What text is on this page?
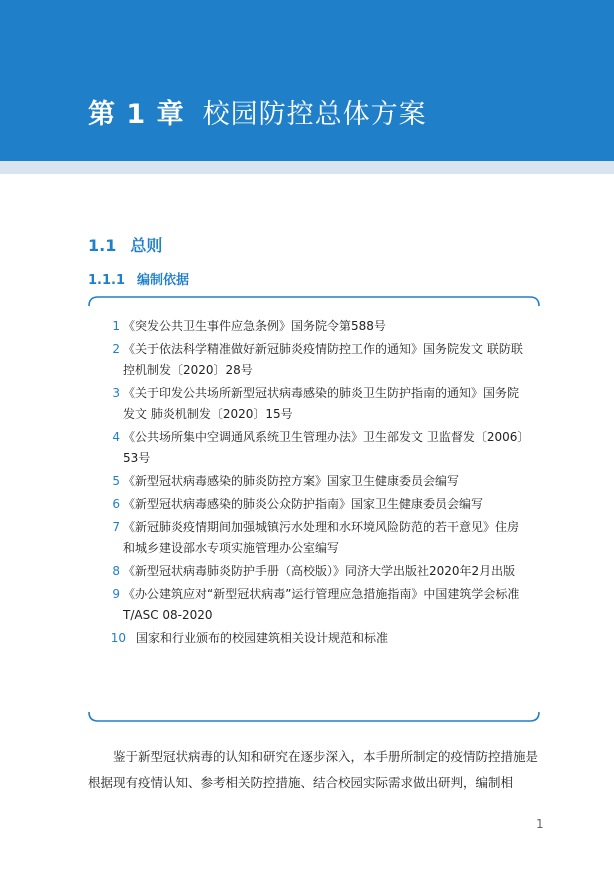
第 1 章 校园防控总体方案
1.1 总则
1.1.1 编制依据
1 《突发公共卫生事件应急条例》国务院令第588号
2 《关于依法科学精准做好新冠肺炎疫情防控工作的通知》国务院发文 联防联控机制发〔2020〕28号
3 《关于印发公共场所新型冠状病毒感染的肺炎卫生防护指南的通知》国务院发文 肺炎机制发〔2020〕15号
4 《公共场所集中空调通风系统卫生管理办法》卫生部发文 卫监督发〔2006〕53号
5 《新型冠状病毒感染的肺炎防控方案》国家卫生健康委员会编写
6 《新型冠状病毒感染的肺炎公众防护指南》国家卫生健康委员会编写
7 《新冠肺炎疫情期间加强城镇污水处理和水环境风险防范的若干意见》住房和城乡建设部水专项实施管理办公室编写
8 《新型冠状病毒肺炎防护手册（高校版）》同济大学出版社2020年2月出版
9 《办公建筑应对“新型冠状病毒”运行管理应急措施指南》中国建筑学会标准T/ASC 08-2020
10 国家和行业颁布的校园建筑相关设计规范和标准

鉴于新型冠状病毒的认知和研究在逐步深入，本手册所制定的疫情防控措施是根据现有疫情认知、参考相关防控措施、结合校园实际需求做出研判，编制相

1
